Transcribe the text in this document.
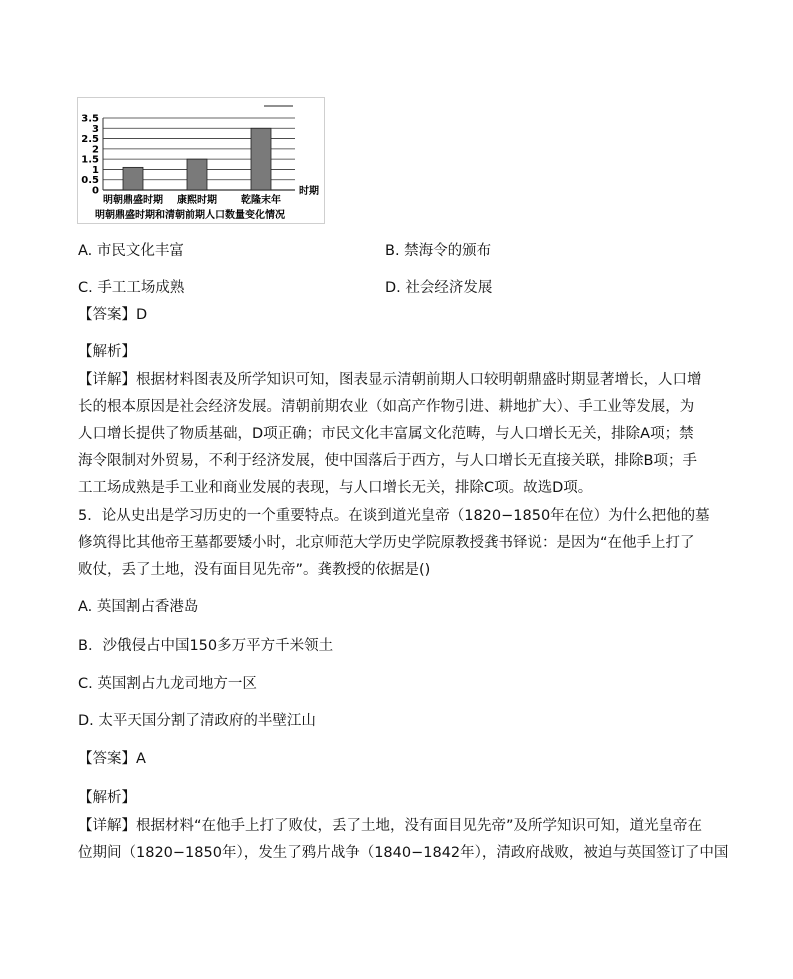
0
0.5
1
1.5
2
2.5
3
3.5
明朝鼎盛时期 康熙时期 乾隆末年
时期
明朝鼎盛时期和清朝前期人口数量变化情况
A. 市民文化丰富	B. 禁海令的颁布
C. 手工工场成熟	D. 社会经济发展
【答案】D
【解析】
【详解】根据材料图表及所学知识可知，图表显示清朝前期人口较明朝鼎盛时期显著增长，人口增
长的根本原因是社会经济发展。清朝前期农业（如高产作物引进、耕地扩大）、手工业等发展，为
人口增长提供了物质基础，D项正确；市民文化丰富属文化范畴，与人口增长无关，排除A项；禁
海令限制对外贸易，不利于经济发展，使中国落后于西方，与人口增长无直接关联，排除B项；手
工工场成熟是手工业和商业发展的表现，与人口增长无关，排除C项。故选D项。
5．论从史出是学习历史的一个重要特点。在谈到道光皇帝（1820−1850年在位）为什么把他的墓
修筑得比其他帝王墓都要矮小时，北京师范大学历史学院原教授龚书铎说：是因为“在他手上打了
败仗，丢了土地，没有面目见先帝”。龚教授的依据是()
A. 英国割占香港岛
B．沙俄侵占中国150多万平方千米领土
C. 英国割占九龙司地方一区
D. 太平天国分割了清政府的半壁江山
【答案】A
【解析】
【详解】根据材料“在他手上打了败仗，丢了土地，没有面目见先帝”及所学知识可知，道光皇帝在
位期间（1820−1850年），发生了鸦片战争（1840−1842年），清政府战败，被迫与英国签订了中国
